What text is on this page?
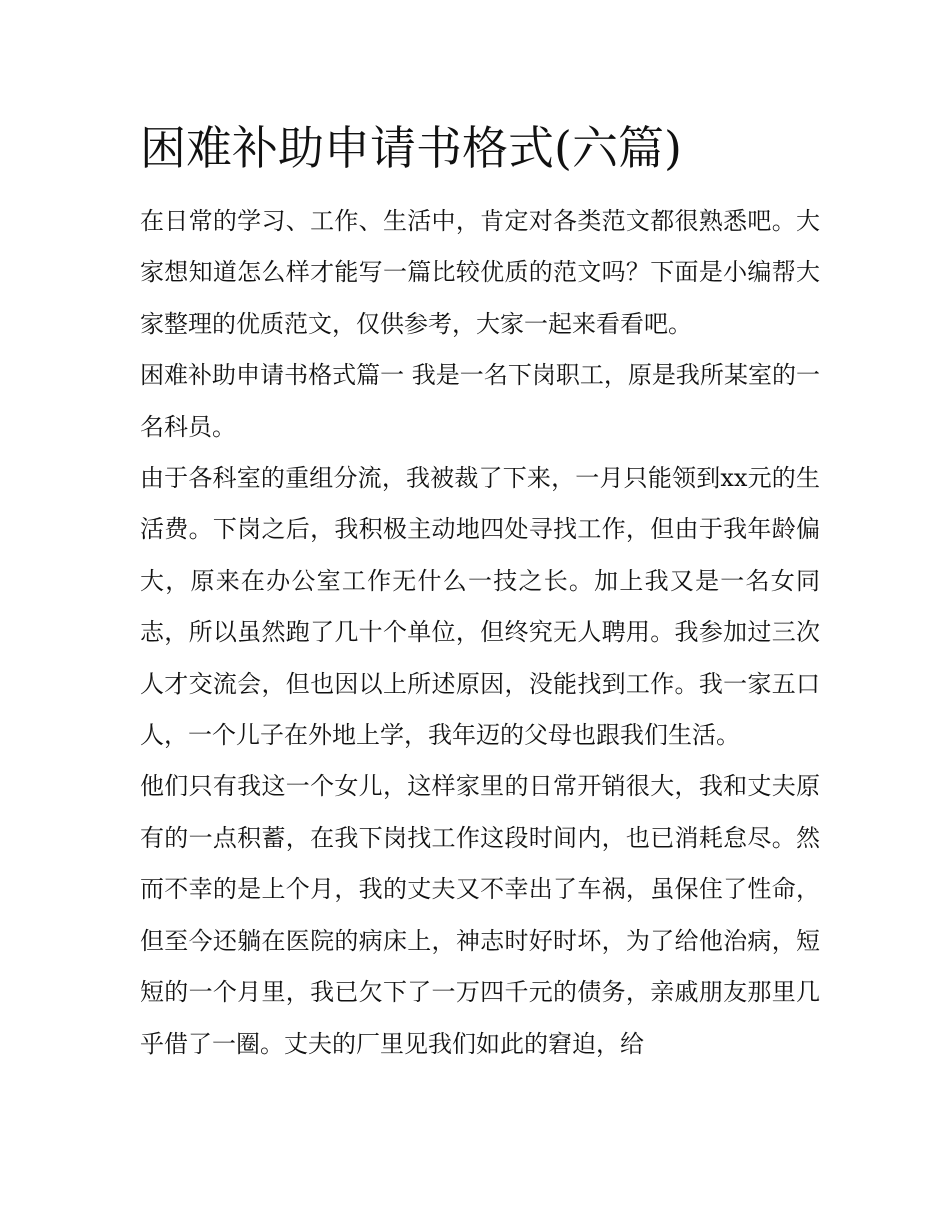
困难补助申请书格式(六篇)

在日常的学习、工作、生活中，肯定对各类范文都很熟悉吧。大家想知道怎么样才能写一篇比较优质的范文吗？下面是小编帮大家整理的优质范文，仅供参考，大家一起来看看吧。

困难补助申请书格式篇一 我是一名下岗职工，原是我所某室的一名科员。

由于各科室的重组分流，我被裁了下来，一月只能领到xx元的生活费。下岗之后，我积极主动地四处寻找工作，但由于我年龄偏大，原来在办公室工作无什么一技之长。加上我又是一名女同志，所以虽然跑了几十个单位，但终究无人聘用。我参加过三次人才交流会，但也因以上所述原因，没能找到工作。我一家五口人，一个儿子在外地上学，我年迈的父母也跟我们生活。

他们只有我这一个女儿，这样家里的日常开销很大，我和丈夫原有的一点积蓄，在我下岗找工作这段时间内，也已消耗怠尽。然而不幸的是上个月，我的丈夫又不幸出了车祸，虽保住了性命，但至今还躺在医院的病床上，神志时好时坏，为了给他治病，短短的一个月里，我已欠下了一万四千元的债务，亲戚朋友那里几乎借了一圈。丈夫的厂里见我们如此的窘迫，给
